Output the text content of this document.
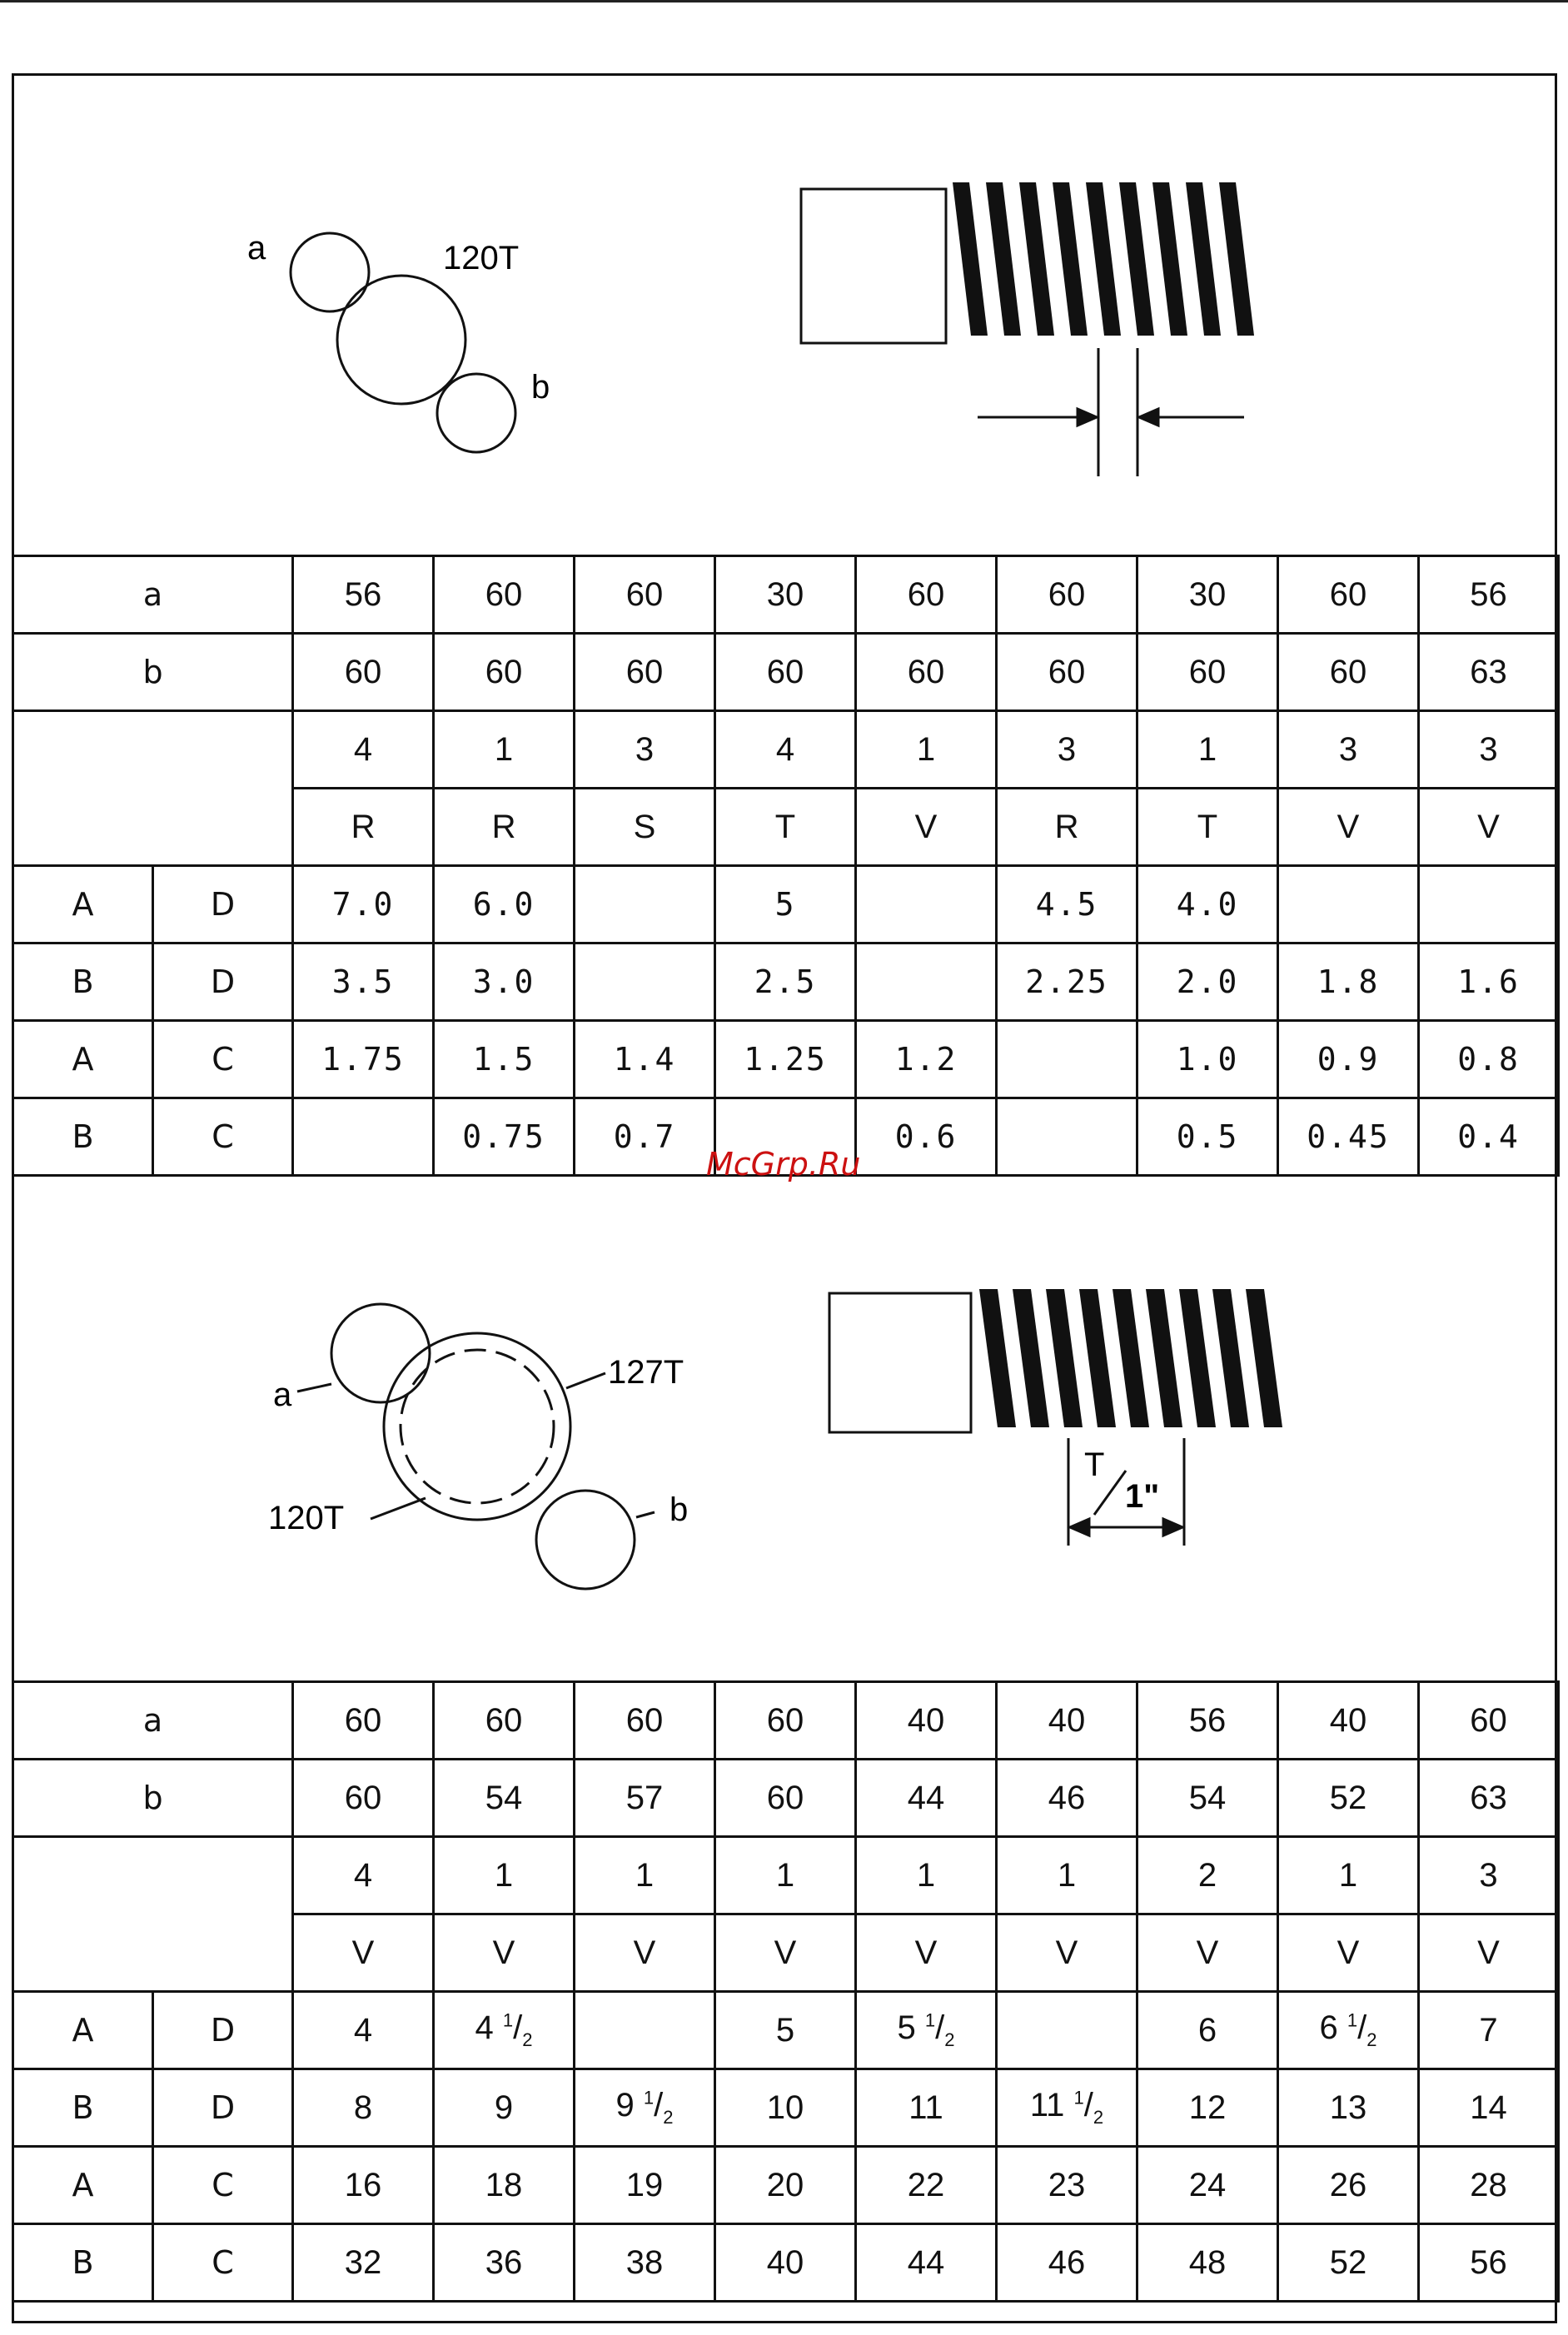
a	120T
b
a		56	60	60	30	60	60	30	60	56
b		60	60	60	60	60	60	60	60	63
		4	1	3	4	1	3	1	3	3
		R	R	S	T	V	R	T	V	V
A	D	7.0	6.0		5		4.5	4.0		
B	D	3.5	3.0		2.5		2.25	2.0	1.8	1.6
A	C	1.75	1.5	1.4	1.25	1.2		1.0	0.9	0.8
B	C		0.75	0.7		0.6		0.5	0.45	0.4
McGrp.Ru
a
127T
120T	b
T
1"
a		60	60	60	60	40	40	56	40	60
b		60	54	57	60	44	46	54	52	63
		4	1	1	1	1	1	2	1	3
		V	V	V	V	V	V	V	V	V
A	D	4	4 $^1/_2$		5	5 $^1/_2$		6	6 $^1/_2$	7
B	D	8	9	9 $^1/_2$	10	11	11 $^1/_2$	12	13	14
A	C	16	18	19	20	22	23	24	26	28
B	C	32	36	38	40	44	46	48	52	56
